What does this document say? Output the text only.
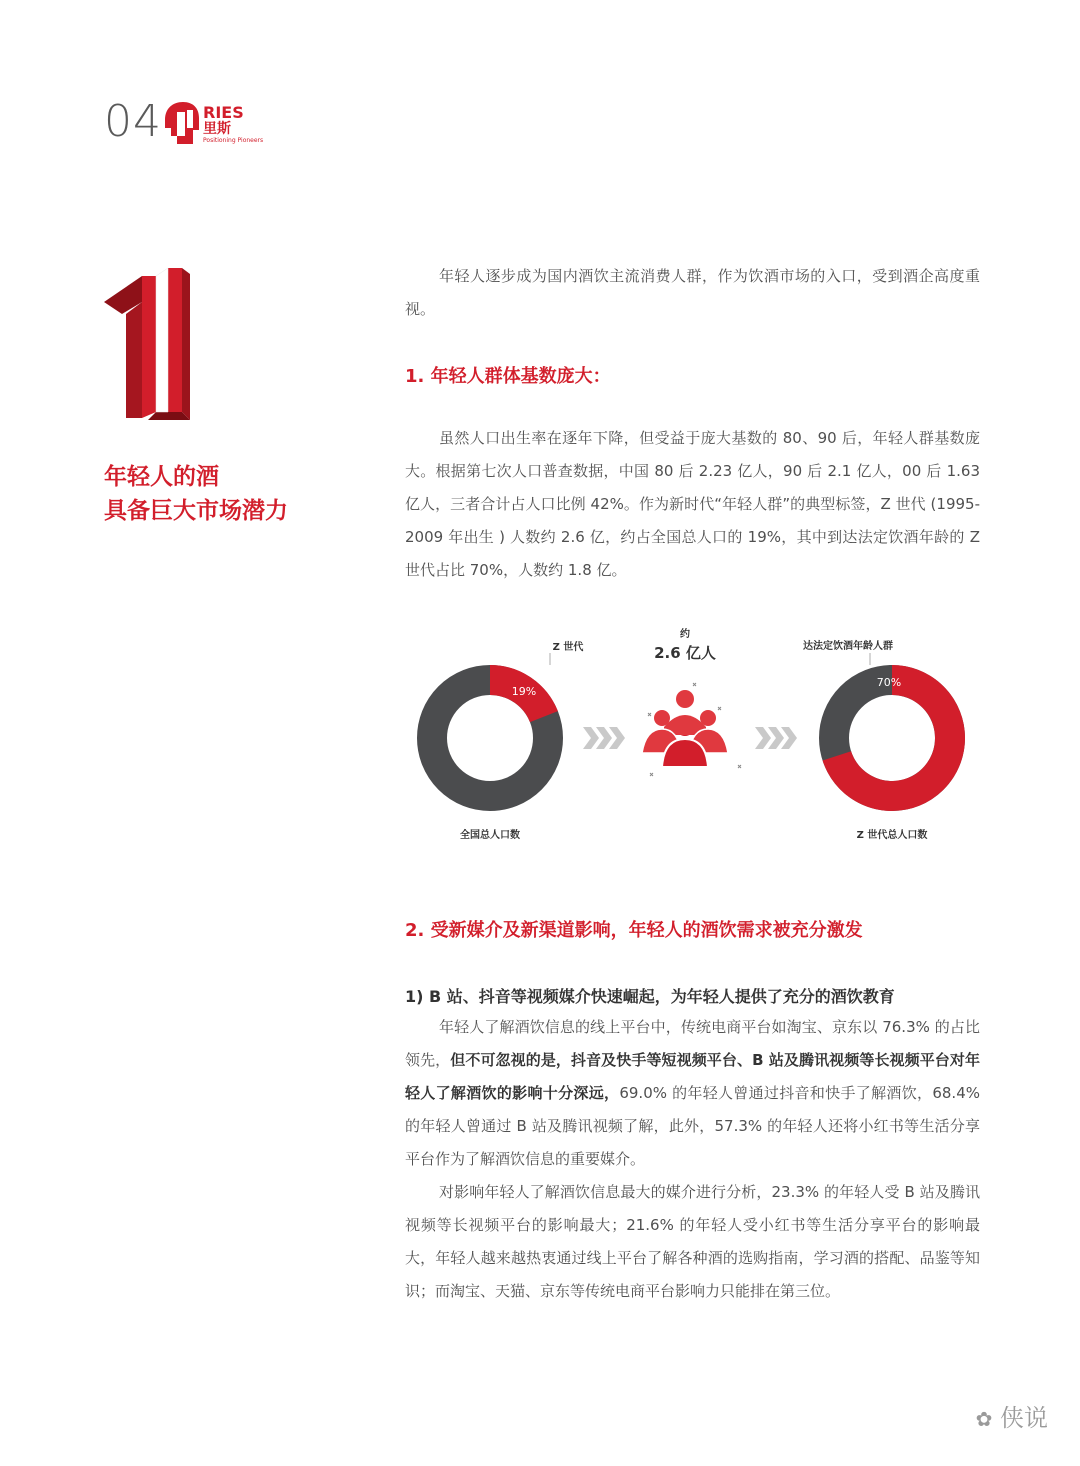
04	RIES
里斯
Positioning Pioneers
年轻人的酒
具备巨大市场潜力

年轻人逐步成为国内酒饮主流消费人群，作为饮酒市场的入口，受到酒企高度重视。

1. 年轻人群体基数庞大：

虽然人口出生率在逐年下降，但受益于庞大基数的 80、90 后，年轻人群基数庞大。根据第七次人口普查数据，中国 80 后 2.23 亿人，90 后 2.1 亿人，00 后 1.63 亿人，三者合计占人口比例 42%。作为新时代“年轻人群”的典型标签，Z 世代 (1995-2009 年出生 ) 人数约 2.6 亿，约占全国总人口的 19%，其中到达法定饮酒年龄的 Z 世代占比 70%，人数约 1.8 亿。

Z 世代
19%
全国总人口数
约
2.6 亿人	达法定饮酒年龄人群
70%
Z 世代总人口数
2. 受新媒介及新渠道影响，年轻人的酒饮需求被充分激发
1) B 站、抖音等视频媒介快速崛起，为年轻人提供了充分的酒饮教育

年轻人了解酒饮信息的线上平台中，传统电商平台如淘宝、京东以 76.3% 的占比领先，但不可忽视的是，抖音及快手等短视频平台、B 站及腾讯视频等长视频平台对年轻人了解酒饮的影响十分深远，69.0% 的年轻人曾通过抖音和快手了解酒饮，68.4% 的年轻人曾通过 B 站及腾讯视频了解，此外，57.3% 的年轻人还将小红书等生活分享平台作为了解酒饮信息的重要媒介。

对影响年轻人了解酒饮信息最大的媒介进行分析，23.3% 的年轻人受 B 站及腾讯视频等长视频平台的影响最大；21.6% 的年轻人受小红书等生活分享平台的影响最大，年轻人越来越热衷通过线上平台了解各种酒的选购指南，学习酒的搭配、品鉴等知识；而淘宝、天猫、京东等传统电商平台影响力只能排在第三位。

✿ 侠说
